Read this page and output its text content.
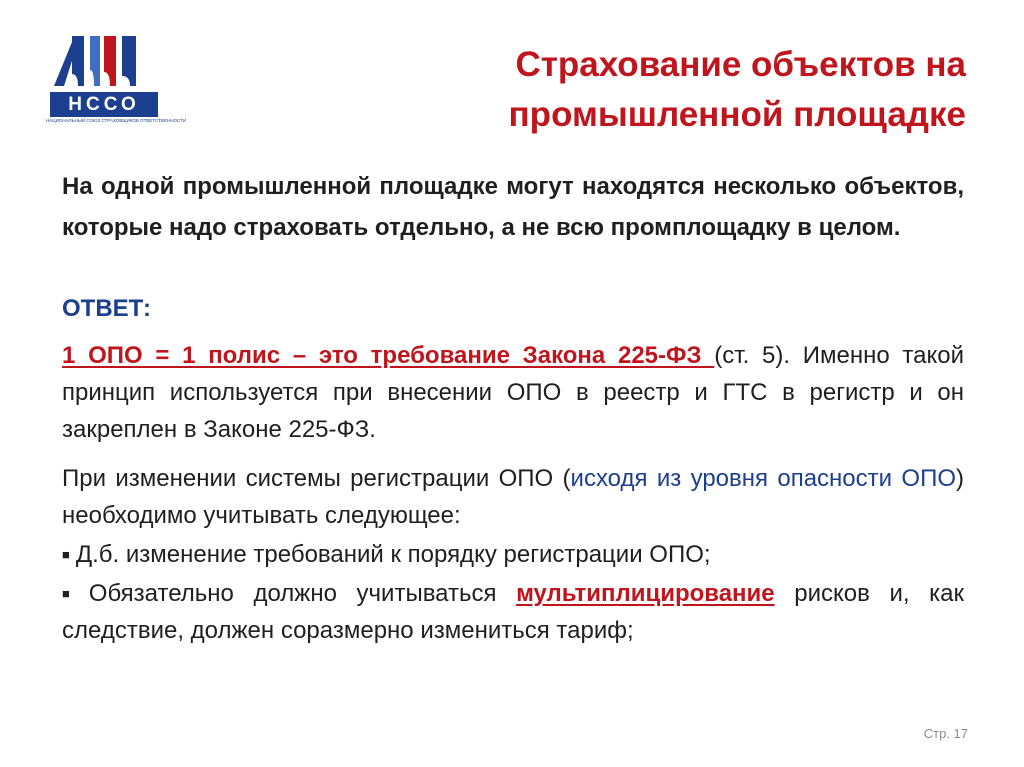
НССО
НАЦИОНАЛЬНЫЙ СОЮЗ СТРАХОВЩИКОВ ОТВЕТСТВЕННОСТИ
Страхование объектов на
промышленной площадке

На одной промышленной площадке могут находятся несколько объектов, которые надо страховать отдельно, а не всю промплощадку в целом.

ОТВЕТ:

1 ОПО = 1 полис – это требование Закона 225-ФЗ (ст. 5). Именно такой принцип используется при внесении ОПО в реестр и ГТС в регистр и он закреплен в Законе 225-ФЗ.

При изменении системы регистрации ОПО (исходя из уровня опасности ОПО) необходимо учитывать следующее:

■ Д.б. изменение требований к порядку регистрации ОПО;

■ Обязательно должно учитываться мультиплицирование рисков и, как следствие, должен соразмерно измениться тариф;

Стр. 17
